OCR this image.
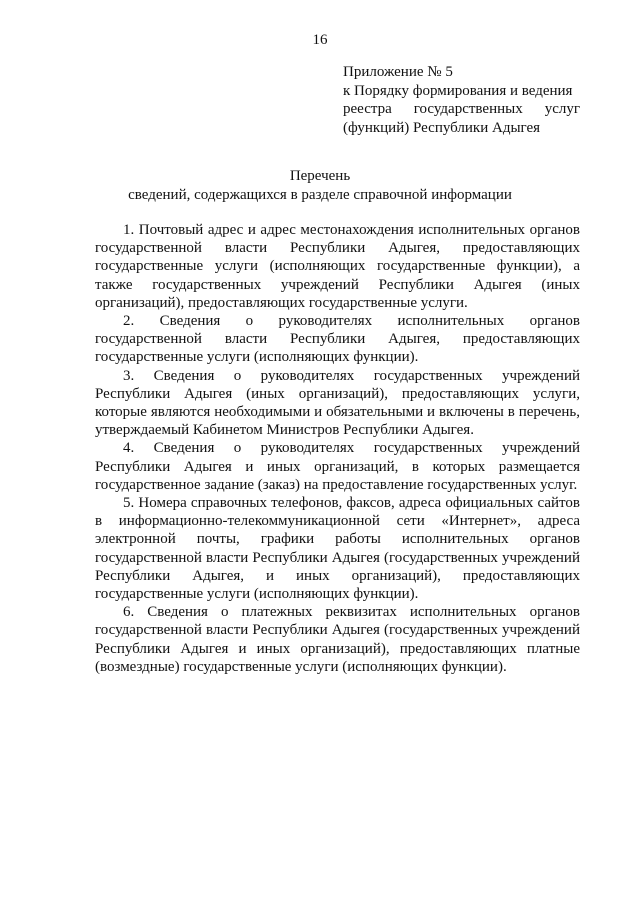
16
Приложение № 5
к Порядку формирования и ведения
реестра государственных услуг
(функций) Республики Адыгея
Перечень
сведений, содержащихся в разделе справочной информации

1. Почтовый адрес и адрес местонахождения исполнительных органов государственной власти Республики Адыгея, предоставляющих государственные услуги (исполняющих государственные функции), а также государственных учреждений Республики Адыгея (иных организаций), предоставляющих государственные услуги.

2. Сведения о руководителях исполнительных органов государственной власти Республики Адыгея, предоставляющих государственные услуги (исполняющих функции).

3. Сведения о руководителях государственных учреждений Республики Адыгея (иных организаций), предоставляющих услуги, которые являются необходимыми и обязательными и включены в перечень, утверждаемый Кабинетом Министров Республики Адыгея.

4. Сведения о руководителях государственных учреждений Республики Адыгея и иных организаций, в которых размещается государственное задание (заказ) на предоставление государственных услуг.

5. Номера справочных телефонов, факсов, адреса официальных сайтов в информационно-телекоммуникационной сети «Интернет», адреса электронной почты, графики работы исполнительных органов государственной власти Республики Адыгея (государственных учреждений Республики Адыгея, и иных организаций), предоставляющих государственные услуги (исполняющих функции).

6. Сведения о платежных реквизитах исполнительных органов государственной власти Республики Адыгея (государственных учреждений Республики Адыгея и иных организаций), предоставляющих платные (возмездные) государственные услуги (исполняющих функции).
